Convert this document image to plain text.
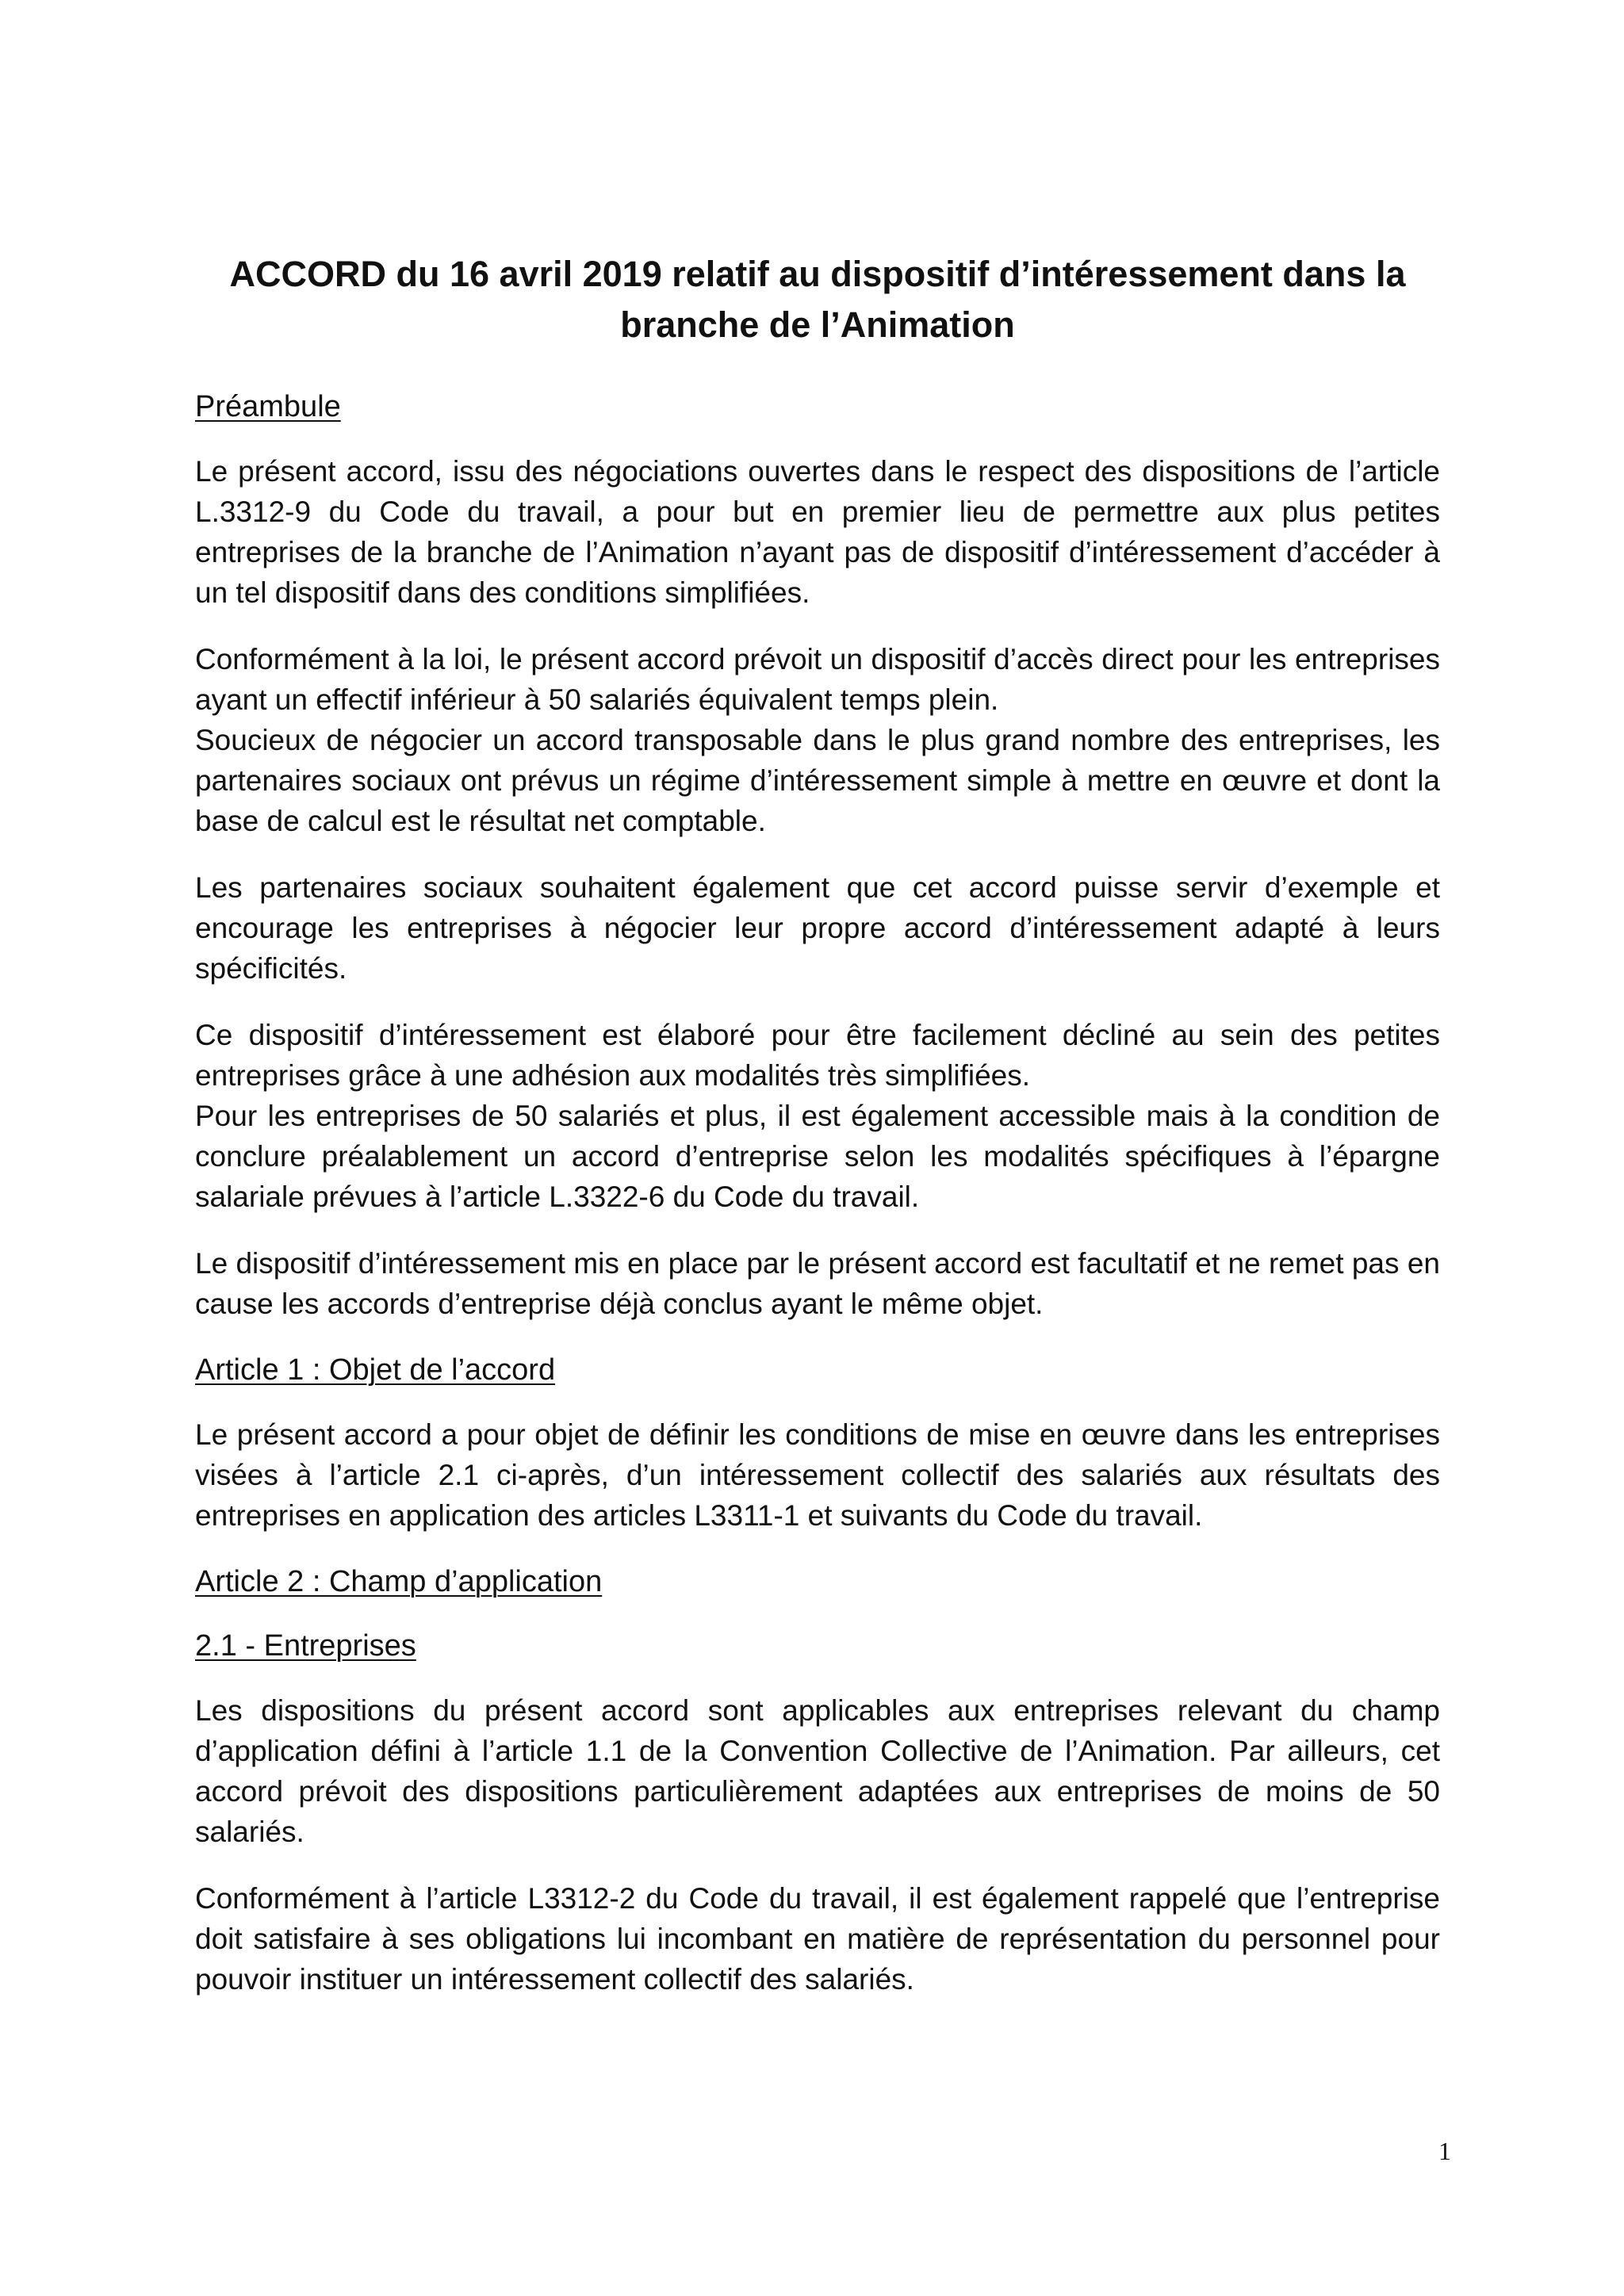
ACCORD du 16 avril 2019 relatif au dispositif d’intéressement dans la branche de l’Animation
Préambule

Le présent accord, issu des négociations ouvertes dans le respect des dispositions de l’article L.3312-9 du Code du travail, a pour but en premier lieu de permettre aux plus petites entreprises de la branche de l’Animation n’ayant pas de dispositif d’intéressement d’accéder à un tel dispositif dans des conditions simplifiées.

Conformément à la loi, le présent accord prévoit un dispositif d’accès direct pour les entreprises ayant un effectif inférieur à 50 salariés équivalent temps plein.

Soucieux de négocier un accord transposable dans le plus grand nombre des entreprises, les partenaires sociaux ont prévus un régime d’intéressement simple à mettre en œuvre et dont la base de calcul est le résultat net comptable.

Les partenaires sociaux souhaitent également que cet accord puisse servir d’exemple et encourage les entreprises à négocier leur propre accord d’intéressement adapté à leurs spécificités.

Ce dispositif d’intéressement est élaboré pour être facilement décliné au sein des petites entreprises grâce à une adhésion aux modalités très simplifiées.

Pour les entreprises de 50 salariés et plus, il est également accessible mais à la condition de conclure préalablement un accord d’entreprise selon les modalités spécifiques à l’épargne salariale prévues à l’article L.3322-6 du Code du travail.

Le dispositif d’intéressement mis en place par le présent accord est facultatif et ne remet pas en cause les accords d’entreprise déjà conclus ayant le même objet.

Article 1 : Objet de l’accord

Le présent accord a pour objet de définir les conditions de mise en œuvre dans les entreprises visées à l’article 2.1 ci-après, d’un intéressement collectif des salariés aux résultats des entreprises en application des articles L3311-1 et suivants du Code du travail.

Article 2 : Champ d’application
2.1 - Entreprises

Les dispositions du présent accord sont applicables aux entreprises relevant du champ d’application défini à l’article 1.1 de la Convention Collective de l’Animation. Par ailleurs, cet accord prévoit des dispositions particulièrement adaptées aux entreprises de moins de 50 salariés.

Conformément à l’article L3312-2 du Code du travail, il est également rappelé que l’entreprise doit satisfaire à ses obligations lui incombant en matière de représentation du personnel pour pouvoir instituer un intéressement collectif des salariés.

1
